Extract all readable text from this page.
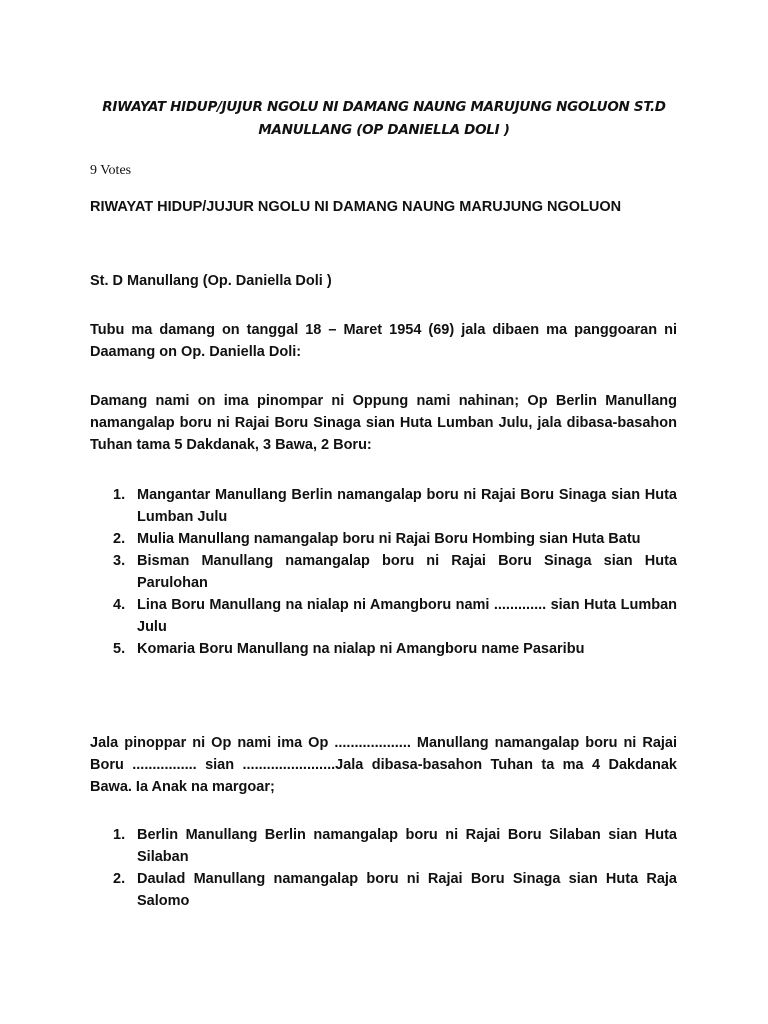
RIWAYAT HIDUP/JUJUR NGOLU NI DAMANG NAUNG MARUJUNG NGOLUON ST.D MANULLANG (OP DANIELLA DOLI )

9 Votes

RIWAYAT HIDUP/JUJUR NGOLU NI DAMANG NAUNG MARUJUNG NGOLUON

St. D Manullang (Op. Daniella Doli )

Tubu ma damang on tanggal 18 – Maret 1954 (69) jala dibaen ma panggoaran ni Daamang on Op. Daniella Doli:

Damang nami on ima pinompar ni Oppung nami nahinan; Op Berlin Manullang namangalap boru ni Rajai Boru Sinaga sian Huta Lumban Julu, jala dibasa-basahon Tuhan tama 5 Dakdanak, 3 Bawa, 2 Boru:

1. Mangantar Manullang Berlin namangalap boru ni Rajai Boru Sinaga sian Huta Lumban Julu
2. Mulia Manullang namangalap boru ni Rajai Boru Hombing sian Huta Batu
3. Bisman Manullang namangalap boru ni Rajai Boru Sinaga sian Huta Parulohan
4. Lina Boru Manullang na nialap ni Amangboru nami ............. sian Huta Lumban Julu
5. Komaria Boru Manullang na nialap ni Amangboru name Pasaribu

Jala pinoppar ni Op nami ima Op ................... Manullang namangalap boru ni Rajai Boru ................ sian .......................Jala dibasa-basahon Tuhan ta ma 4 Dakdanak Bawa. Ia Anak na margoar;

1. Berlin Manullang Berlin namangalap boru ni Rajai Boru Silaban sian Huta Silaban
2. Daulad Manullang namangalap boru ni Rajai Boru Sinaga sian Huta Raja Salomo
